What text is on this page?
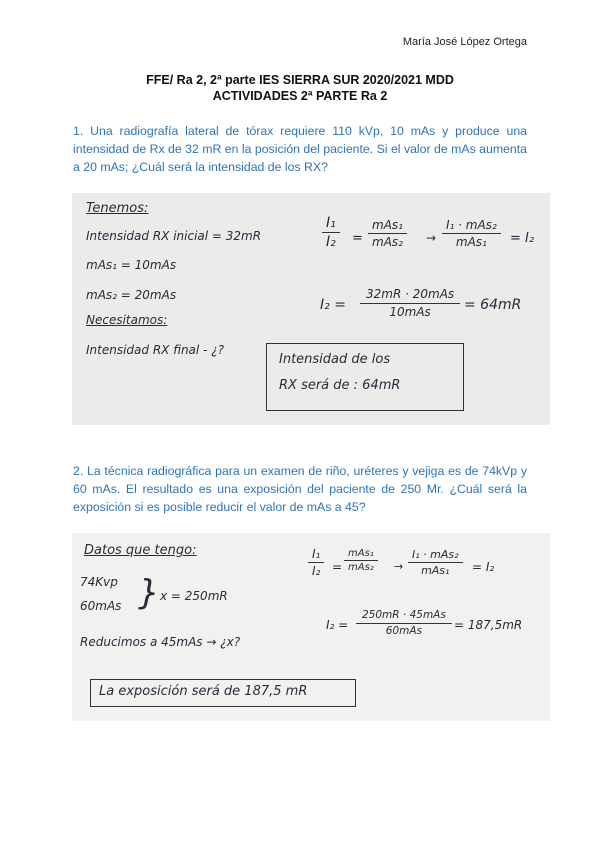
María José López Ortega
FFE/ Ra 2, 2ª parte IES SIERRA SUR 2020/2021 MDD
ACTIVIDADES 2ª PARTE Ra 2
1. Una radiografía lateral de tórax requiere 110 kVp, 10 mAs y produce una intensidad de Rx de 32 mR en la posición del paciente. Si el valor de mAs aumenta a 20 mAs; ¿Cuál será la intensidad de los RX?
Tenemos:
Intensidad RX inicial = 32mR
mAs₁ = 10mAs
mAs₂ = 20mAs
Necesitamos:
Intensidad RX final - ¿?
$\frac{\text{I₁}}{\text{I₂}}$ =
mAs₁
mAs₂ →
I₁ · mAs₂
mAs₁ = I₂
I₂ =
32mR · 20mAs
10mAs = 64mR
Intensidad de los
RX será de : 64mR
2. La técnica radiográfica para un examen de riño, uréteres y vejiga es de 74kVp y 60 mAs. El resultado es una exposición del paciente de 250 Mr. ¿Cuál será la exposición si es posible reducir el valor de mAs a 45?
Datos que tengo:
74Kvp
60mAs } x = 250mR
Reducimos a 45mAs → ¿x?
$\frac{\text{I₁}}{\text{I₂}}$ =
mAs₁
mAs₂ →
I₁ · mAs₂
mAs₁ = I₂
I₂ =
250mR · 45mAs
60mAs	= 187,5mR
La exposición será de 187,5 mR
